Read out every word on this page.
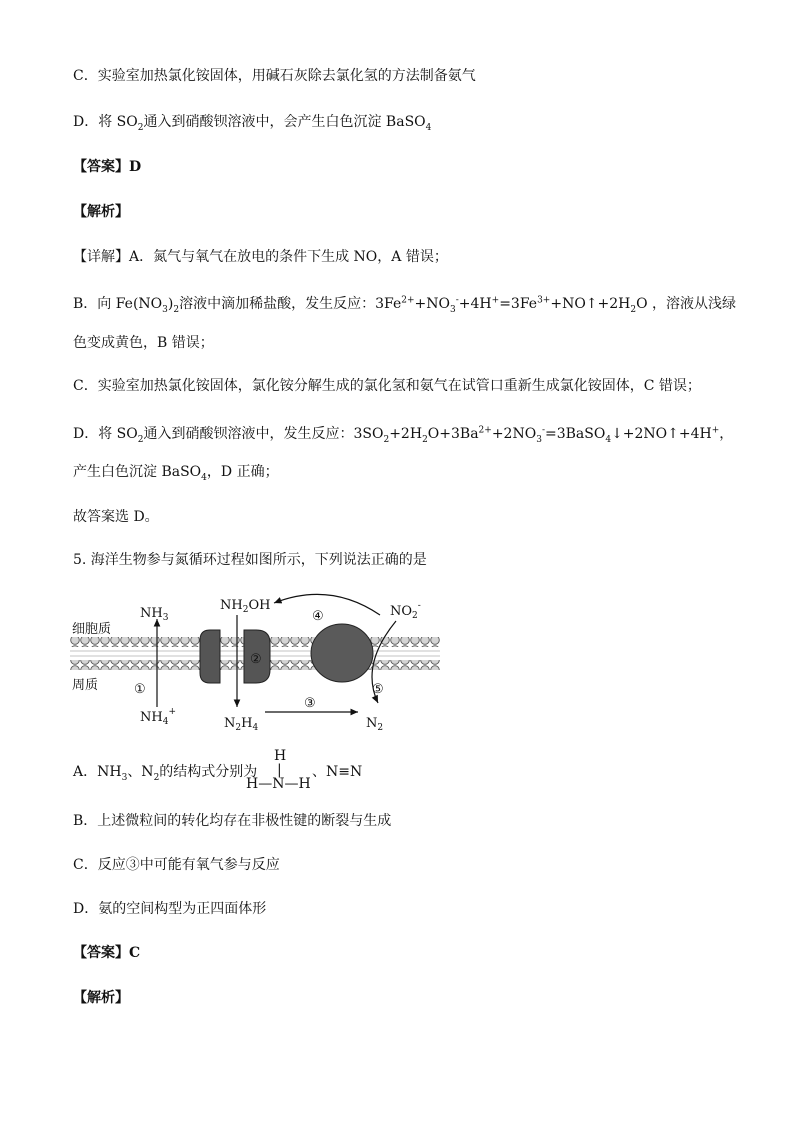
C．实验室加热氯化铵固体，用碱石灰除去氯化氢的方法制备氨气
D．将 $SO_2$通入到硝酸钡溶液中，会产生白色沉淀 BaSO$_4$
【答案】D
【解析】
【详解】A．氮气与氧气在放电的条件下生成 NO，A 错误；
B．向 $Fe(NO_3)_2$溶液中滴加稀盐酸，发生反应：$3Fe^{2+}+NO_3^-+4H^+=3Fe^{3+}+NO↑+2H_2O$ ，溶液从浅绿
色变成黄色，B 错误；
C．实验室加热氯化铵固体，氯化铵分解生成的氯化氢和氨气在试管口重新生成氯化铵固体，C 错误；
D．将 $SO_2$通入到硝酸钡溶液中，发生反应：$3SO_2+2H_2O+3Ba^{2+}+2NO_3^-=3BaSO_4↓+2NO↑+4H^+$，
产生白色沉淀 BaSO$_4$，D 正确；
故答案选 D。
5. 海洋生物参与氮循环过程如图所示，下列说法正确的是
细胞质
周质
$NH_3$
$NH_4^+$
①
$NH_2OH$
②
④	$NO_2^-$
⑤
$N_2H_4$
③
$N_2$
A．$NH_3$、$N_2$的结构式分别为
H
|
H—N—H
、N≡N
B．上述微粒间的转化均存在非极性键的断裂与生成
C．反应③中可能有氧气参与反应
D．氨的空间构型为正四面体形
【答案】C
【解析】
